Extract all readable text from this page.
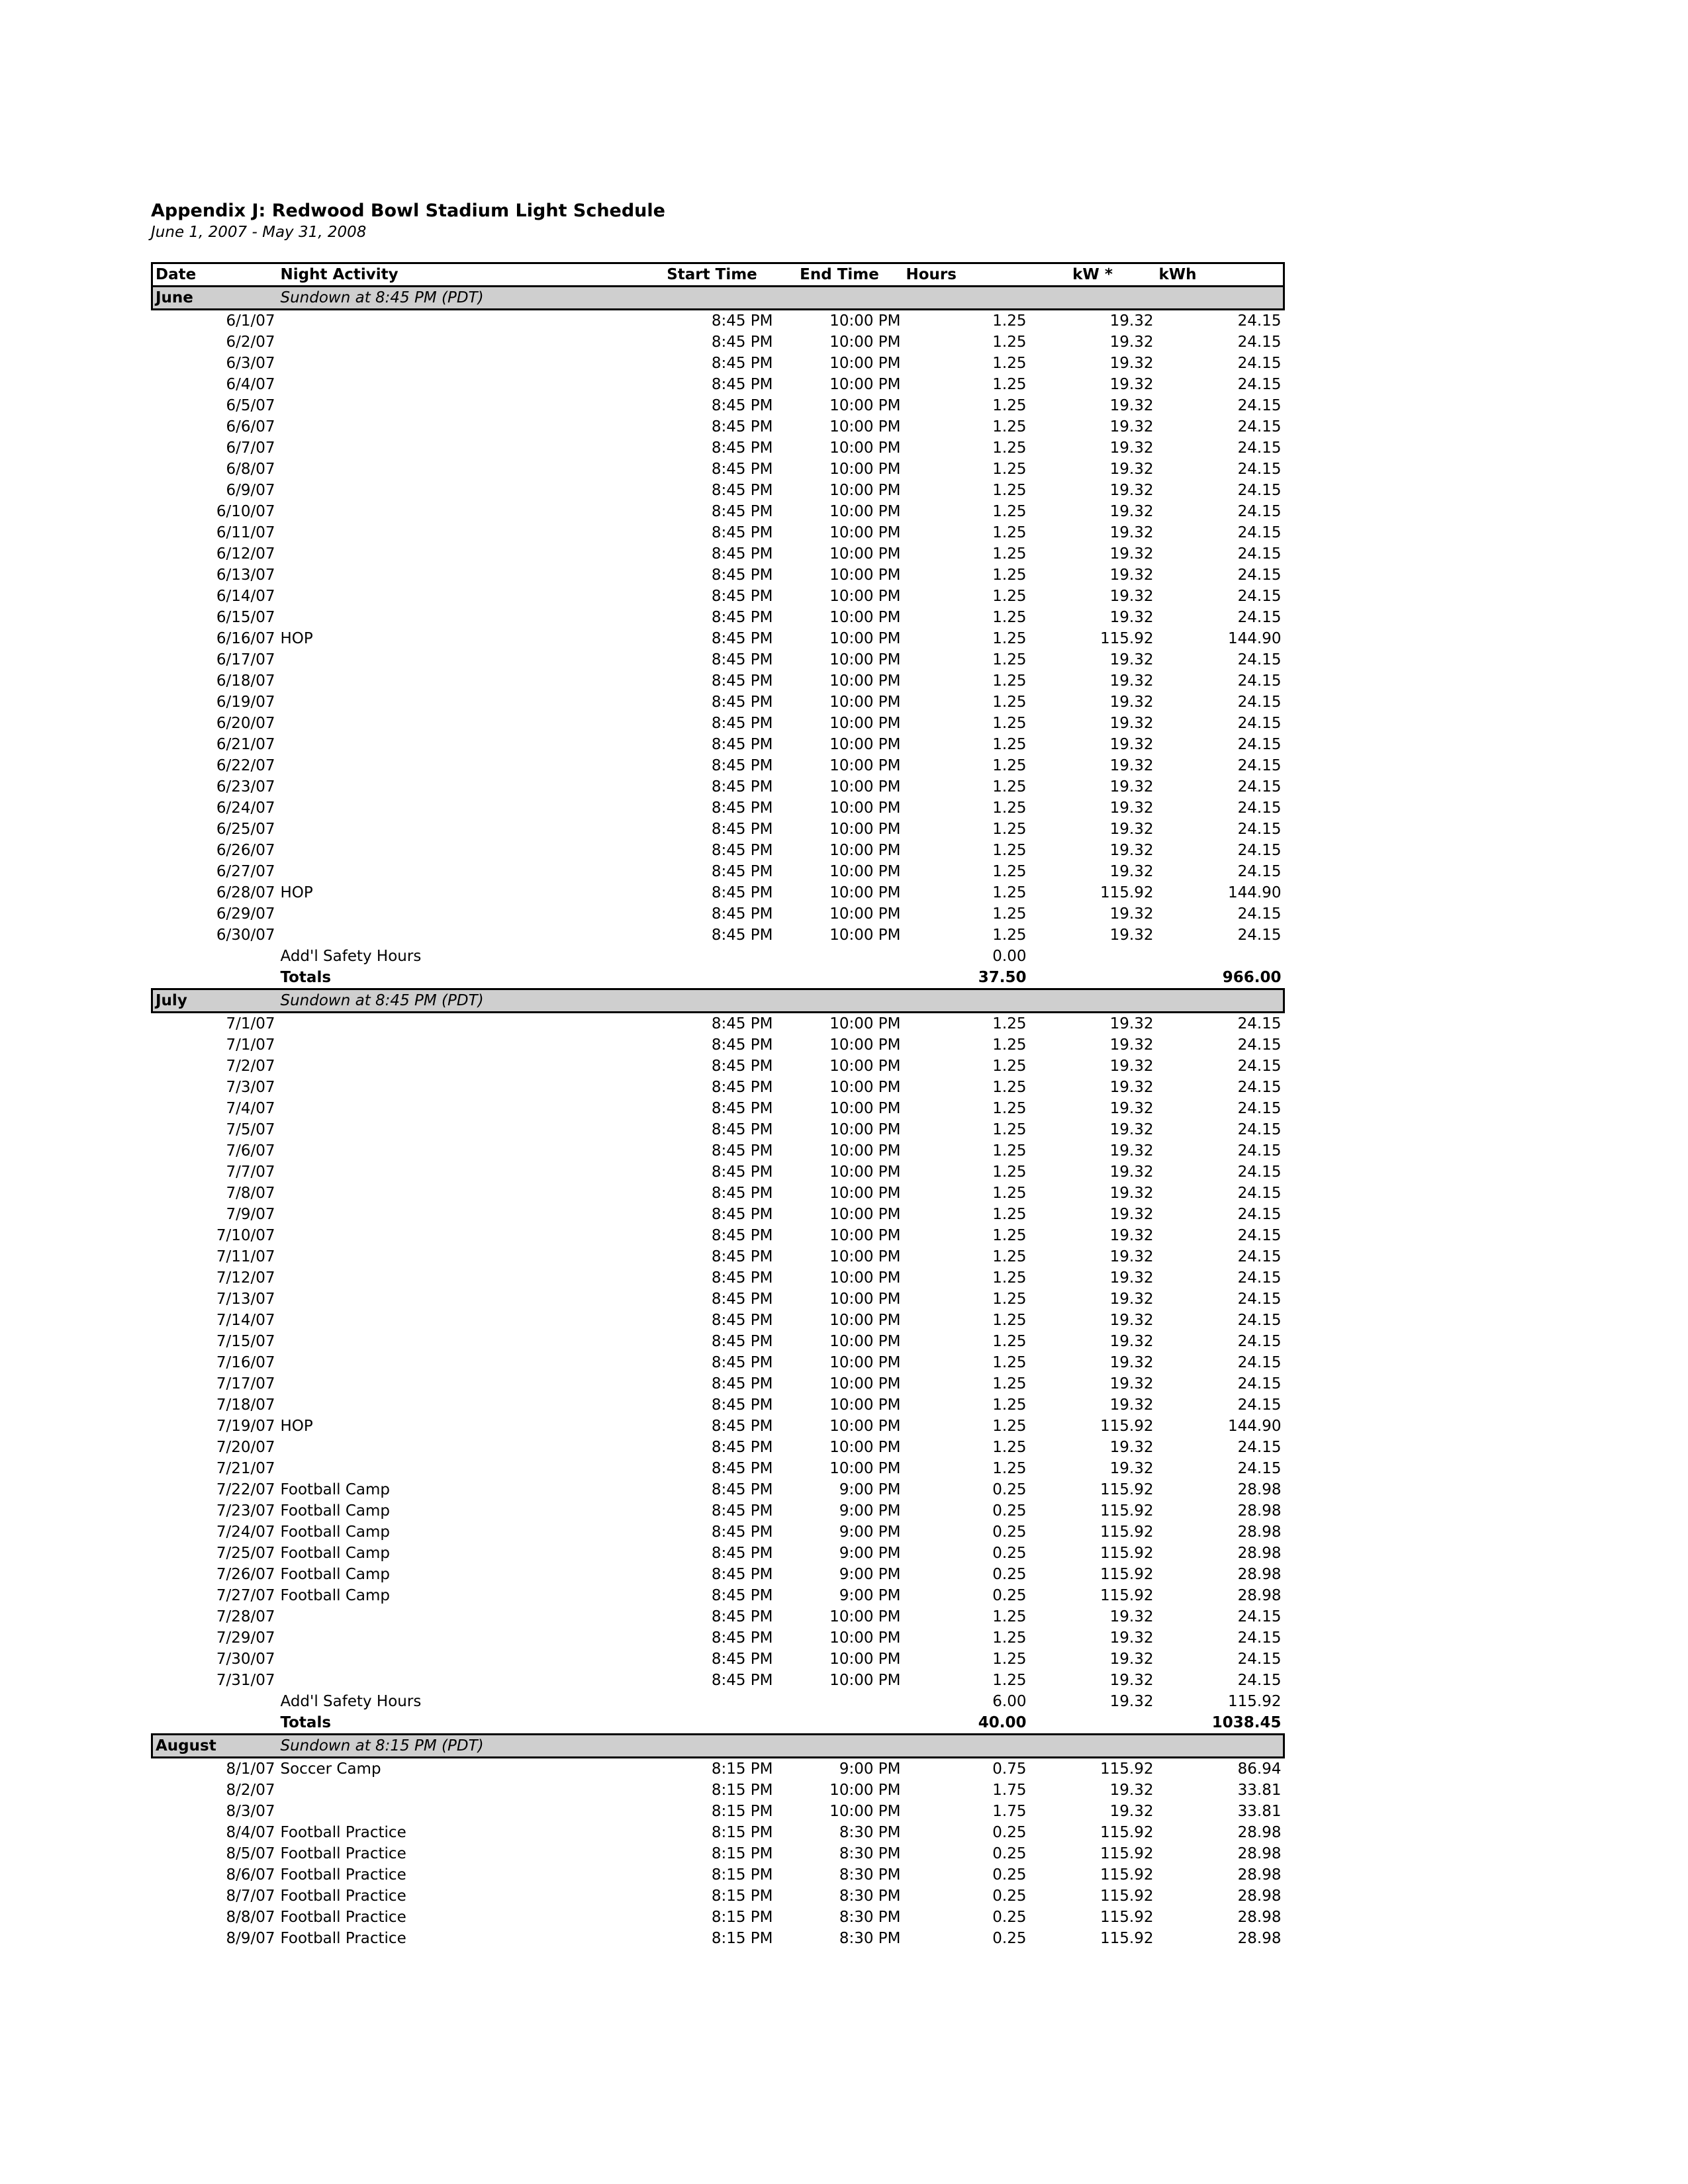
Appendix J: Redwood Bowl Stadium Light Schedule

June 1, 2007 - May 31, 2008

Date	Night Activity	Start Time	End Time	Hours	kW *	kWh
June	Sundown at 8:45 PM (PDT)					
6/1/07		8:45 PM	10:00 PM	1.25	19.32	24.15
6/2/07		8:45 PM	10:00 PM	1.25	19.32	24.15
6/3/07		8:45 PM	10:00 PM	1.25	19.32	24.15
6/4/07		8:45 PM	10:00 PM	1.25	19.32	24.15
6/5/07		8:45 PM	10:00 PM	1.25	19.32	24.15
6/6/07		8:45 PM	10:00 PM	1.25	19.32	24.15
6/7/07		8:45 PM	10:00 PM	1.25	19.32	24.15
6/8/07		8:45 PM	10:00 PM	1.25	19.32	24.15
6/9/07		8:45 PM	10:00 PM	1.25	19.32	24.15
6/10/07		8:45 PM	10:00 PM	1.25	19.32	24.15
6/11/07		8:45 PM	10:00 PM	1.25	19.32	24.15
6/12/07		8:45 PM	10:00 PM	1.25	19.32	24.15
6/13/07		8:45 PM	10:00 PM	1.25	19.32	24.15
6/14/07		8:45 PM	10:00 PM	1.25	19.32	24.15
6/15/07		8:45 PM	10:00 PM	1.25	19.32	24.15
6/16/07	HOP	8:45 PM	10:00 PM	1.25	115.92	144.90
6/17/07		8:45 PM	10:00 PM	1.25	19.32	24.15
6/18/07		8:45 PM	10:00 PM	1.25	19.32	24.15
6/19/07		8:45 PM	10:00 PM	1.25	19.32	24.15
6/20/07		8:45 PM	10:00 PM	1.25	19.32	24.15
6/21/07		8:45 PM	10:00 PM	1.25	19.32	24.15
6/22/07		8:45 PM	10:00 PM	1.25	19.32	24.15
6/23/07		8:45 PM	10:00 PM	1.25	19.32	24.15
6/24/07		8:45 PM	10:00 PM	1.25	19.32	24.15
6/25/07		8:45 PM	10:00 PM	1.25	19.32	24.15
6/26/07		8:45 PM	10:00 PM	1.25	19.32	24.15
6/27/07		8:45 PM	10:00 PM	1.25	19.32	24.15
6/28/07	HOP	8:45 PM	10:00 PM	1.25	115.92	144.90
6/29/07		8:45 PM	10:00 PM	1.25	19.32	24.15
6/30/07		8:45 PM	10:00 PM	1.25	19.32	24.15
	Add'l Safety Hours			0.00		
	Totals			37.50		966.00
July	Sundown at 8:45 PM (PDT)					
7/1/07		8:45 PM	10:00 PM	1.25	19.32	24.15
7/1/07		8:45 PM	10:00 PM	1.25	19.32	24.15
7/2/07		8:45 PM	10:00 PM	1.25	19.32	24.15
7/3/07		8:45 PM	10:00 PM	1.25	19.32	24.15
7/4/07		8:45 PM	10:00 PM	1.25	19.32	24.15
7/5/07		8:45 PM	10:00 PM	1.25	19.32	24.15
7/6/07		8:45 PM	10:00 PM	1.25	19.32	24.15
7/7/07		8:45 PM	10:00 PM	1.25	19.32	24.15
7/8/07		8:45 PM	10:00 PM	1.25	19.32	24.15
7/9/07		8:45 PM	10:00 PM	1.25	19.32	24.15
7/10/07		8:45 PM	10:00 PM	1.25	19.32	24.15
7/11/07		8:45 PM	10:00 PM	1.25	19.32	24.15
7/12/07		8:45 PM	10:00 PM	1.25	19.32	24.15
7/13/07		8:45 PM	10:00 PM	1.25	19.32	24.15
7/14/07		8:45 PM	10:00 PM	1.25	19.32	24.15
7/15/07		8:45 PM	10:00 PM	1.25	19.32	24.15
7/16/07		8:45 PM	10:00 PM	1.25	19.32	24.15
7/17/07		8:45 PM	10:00 PM	1.25	19.32	24.15
7/18/07		8:45 PM	10:00 PM	1.25	19.32	24.15
7/19/07	HOP	8:45 PM	10:00 PM	1.25	115.92	144.90
7/20/07		8:45 PM	10:00 PM	1.25	19.32	24.15
7/21/07		8:45 PM	10:00 PM	1.25	19.32	24.15
7/22/07	Football Camp	8:45 PM	9:00 PM	0.25	115.92	28.98
7/23/07	Football Camp	8:45 PM	9:00 PM	0.25	115.92	28.98
7/24/07	Football Camp	8:45 PM	9:00 PM	0.25	115.92	28.98
7/25/07	Football Camp	8:45 PM	9:00 PM	0.25	115.92	28.98
7/26/07	Football Camp	8:45 PM	9:00 PM	0.25	115.92	28.98
7/27/07	Football Camp	8:45 PM	9:00 PM	0.25	115.92	28.98
7/28/07		8:45 PM	10:00 PM	1.25	19.32	24.15
7/29/07		8:45 PM	10:00 PM	1.25	19.32	24.15
7/30/07		8:45 PM	10:00 PM	1.25	19.32	24.15
7/31/07		8:45 PM	10:00 PM	1.25	19.32	24.15
	Add'l Safety Hours			6.00	19.32	115.92
	Totals			40.00		1038.45
August	Sundown at 8:15 PM (PDT)					
8/1/07	Soccer Camp	8:15 PM	9:00 PM	0.75	115.92	86.94
8/2/07		8:15 PM	10:00 PM	1.75	19.32	33.81
8/3/07		8:15 PM	10:00 PM	1.75	19.32	33.81
8/4/07	Football Practice	8:15 PM	8:30 PM	0.25	115.92	28.98
8/5/07	Football Practice	8:15 PM	8:30 PM	0.25	115.92	28.98
8/6/07	Football Practice	8:15 PM	8:30 PM	0.25	115.92	28.98
8/7/07	Football Practice	8:15 PM	8:30 PM	0.25	115.92	28.98
8/8/07	Football Practice	8:15 PM	8:30 PM	0.25	115.92	28.98
8/9/07	Football Practice	8:15 PM	8:30 PM	0.25	115.92	28.98
